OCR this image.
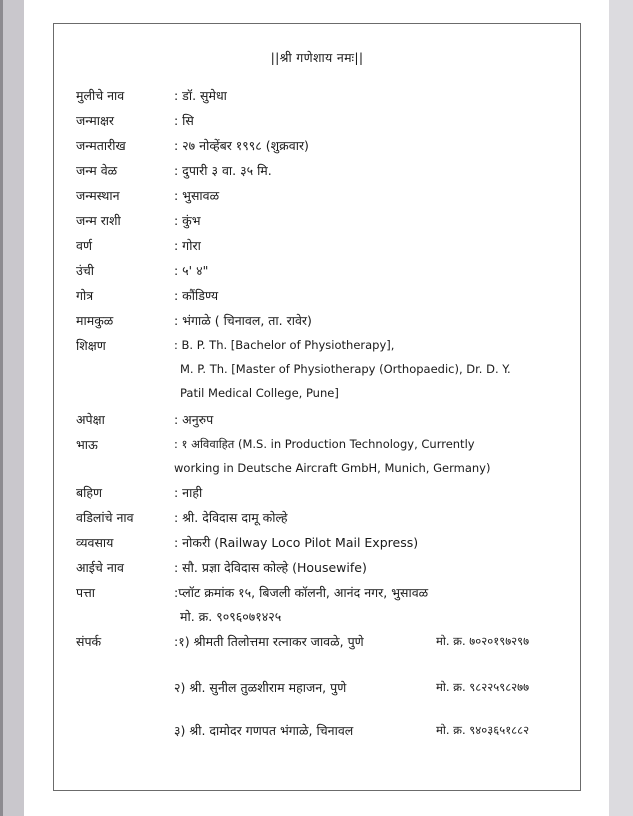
||श्री गणेशाय नमः||
मुलीचे नाव	: डॉ. सुमेधा
जन्माक्षर	: सि
जन्मतारीख	: २७ नोव्हेंबर १९९८ (शुक्रवार)
जन्म वेळ	: दुपारी ३ वा. ३५ मि.
जन्मस्थान	: भुसावळ
जन्म राशी	: कुंभ
वर्ण	: गोरा
उंची	: ५' ४"
गोत्र	: कौंडिण्य
मामकुळ	: भंगाळे ( चिनावल, ता. रावेर)
शिक्षण	: B. P. Th. [Bachelor of Physiotherapy],
M. P. Th. [Master of Physiotherapy (Orthopaedic), Dr. D. Y.
Patil Medical College, Pune]
अपेक्षा	: अनुरुप
भाऊ	: १ अविवाहित (M.S. in Production Technology, Currently
working in Deutsche Aircraft GmbH, Munich, Germany)
बहिण	: नाही
वडिलांचे नाव	: श्री. देविदास दामू कोल्हे
व्यवसाय	: नोकरी (Railway Loco Pilot Mail Express)
आईचे नाव	: सौ. प्रज्ञा देविदास कोल्हे (Housewife)
पत्ता	:प्लॉट क्रमांक १५, बिजली कॉलनी, आनंद नगर, भुसावळ
मो. क्र. ९०९६०७१४२५
संपर्क	:१) श्रीमती तिलोत्तमा रत्नाकर जावळे, पुणे	मो. क्र. ७०२०१९७२९७
२) श्री. सुनील तुळशीराम महाजन, पुणे	मो. क्र. ९८२२५९८२७७
३) श्री. दामोदर गणपत भंगाळे, चिनावल	मो. क्र. ९४०३६५१८८२
